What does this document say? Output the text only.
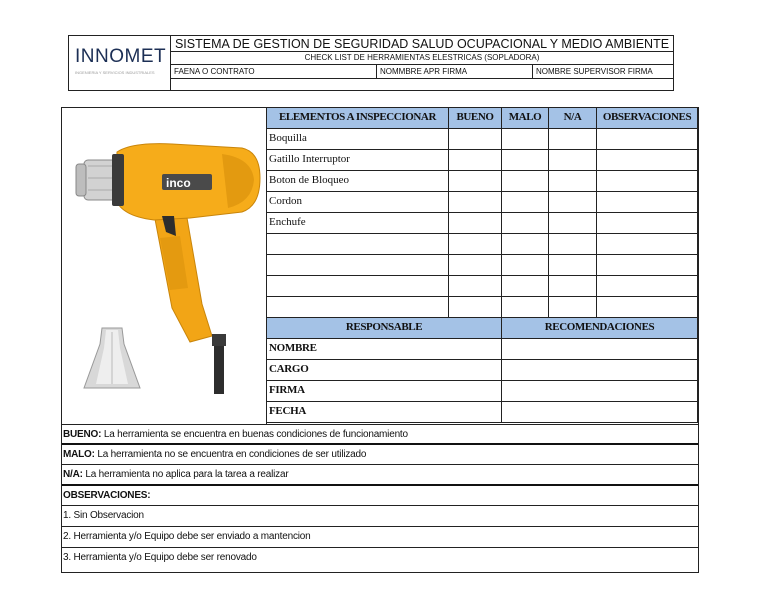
INNOMET
INGENIERIA Y SERVICIOS INDUSTRIALES
SISTEMA DE GESTION DE SEGURIDAD SALUD OCUPACIONAL Y MEDIO AMBIENTE
CHECK LIST DE HERRAMIENTAS ELESTRICAS (SOPLADORA)
FAENA O CONTRATO	NOMMBRE APR FIRMA	NOMBRE SUPERVISOR FIRMA
inco
ELEMENTOS A INSPECCIONAR	BUENO	MALO	N/A	OBSERVACIONES
Boquilla
Gatillo Interruptor
Boton de Bloqueo
Cordon
Enchufe
RESPONSABLE	RECOMENDACIONES
NOMBRE
CARGO
FIRMA
FECHA
BUENO: La herramienta se encuentra en buenas condiciones de funcionamiento
MALO: La herramienta no se encuentra en condiciones de ser utilizado
N/A: La herramienta no aplica para la tarea a realizar
OBSERVACIONES:
1. Sin Observacion
2. Herramienta y/o Equipo debe ser enviado a mantencion
3. Herramienta y/o Equipo debe ser renovado
